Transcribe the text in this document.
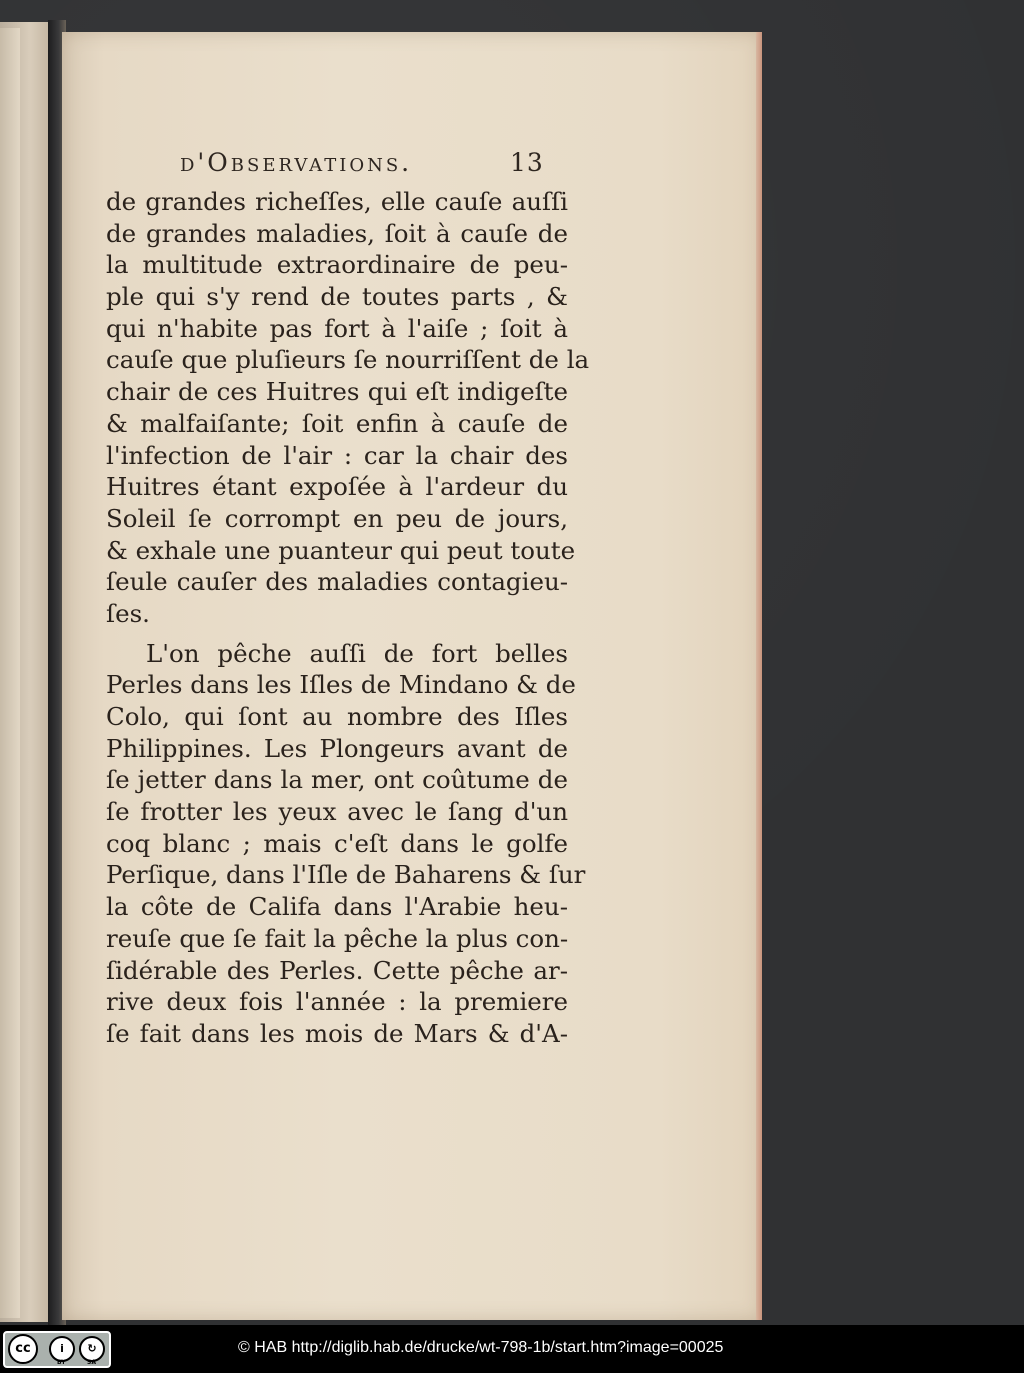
d'Observations.	13
de grandes richeſſes, elle cauſe auſſi
de grandes maladies, ſoit à cauſe de
la multitude extraordinaire de peu-
ple qui s'y rend de toutes parts , &
qui n'habite pas fort à l'aiſe ; ſoit à
cauſe que pluſieurs ſe nourriſſent de la
chair de ces Huitres qui eſt indigeſte
& malfaiſante; ſoit enfin à cauſe de
l'infection de l'air : car la chair des
Huitres étant expoſée à l'ardeur du
Soleil ſe corrompt en peu de jours,
& exhale une puanteur qui peut toute
ſeule cauſer des maladies contagieu-
ſes.
L'on pêche auſſi de fort belles
Perles dans les Iſles de Mindano & de
Colo, qui ſont au nombre des Iſles
Philippines. Les Plongeurs avant de
ſe jetter dans la mer, ont coûtume de
ſe frotter les yeux avec le ſang d'un
coq blanc ; mais c'eſt dans le golfe
Perſique, dans l'Iſle de Baharens & ſur
la côte de Califa dans l'Arabie heu-
reuſe que ſe fait la pêche la plus con-
ſidérable des Perles. Cette pêche ar-
rive deux fois l'année : la premiere
ſe fait dans les mois de Mars & d'A-
cc	i	↻
BY	SA
© HAB http://diglib.hab.de/drucke/wt-798-1b/start.htm?image=00025
